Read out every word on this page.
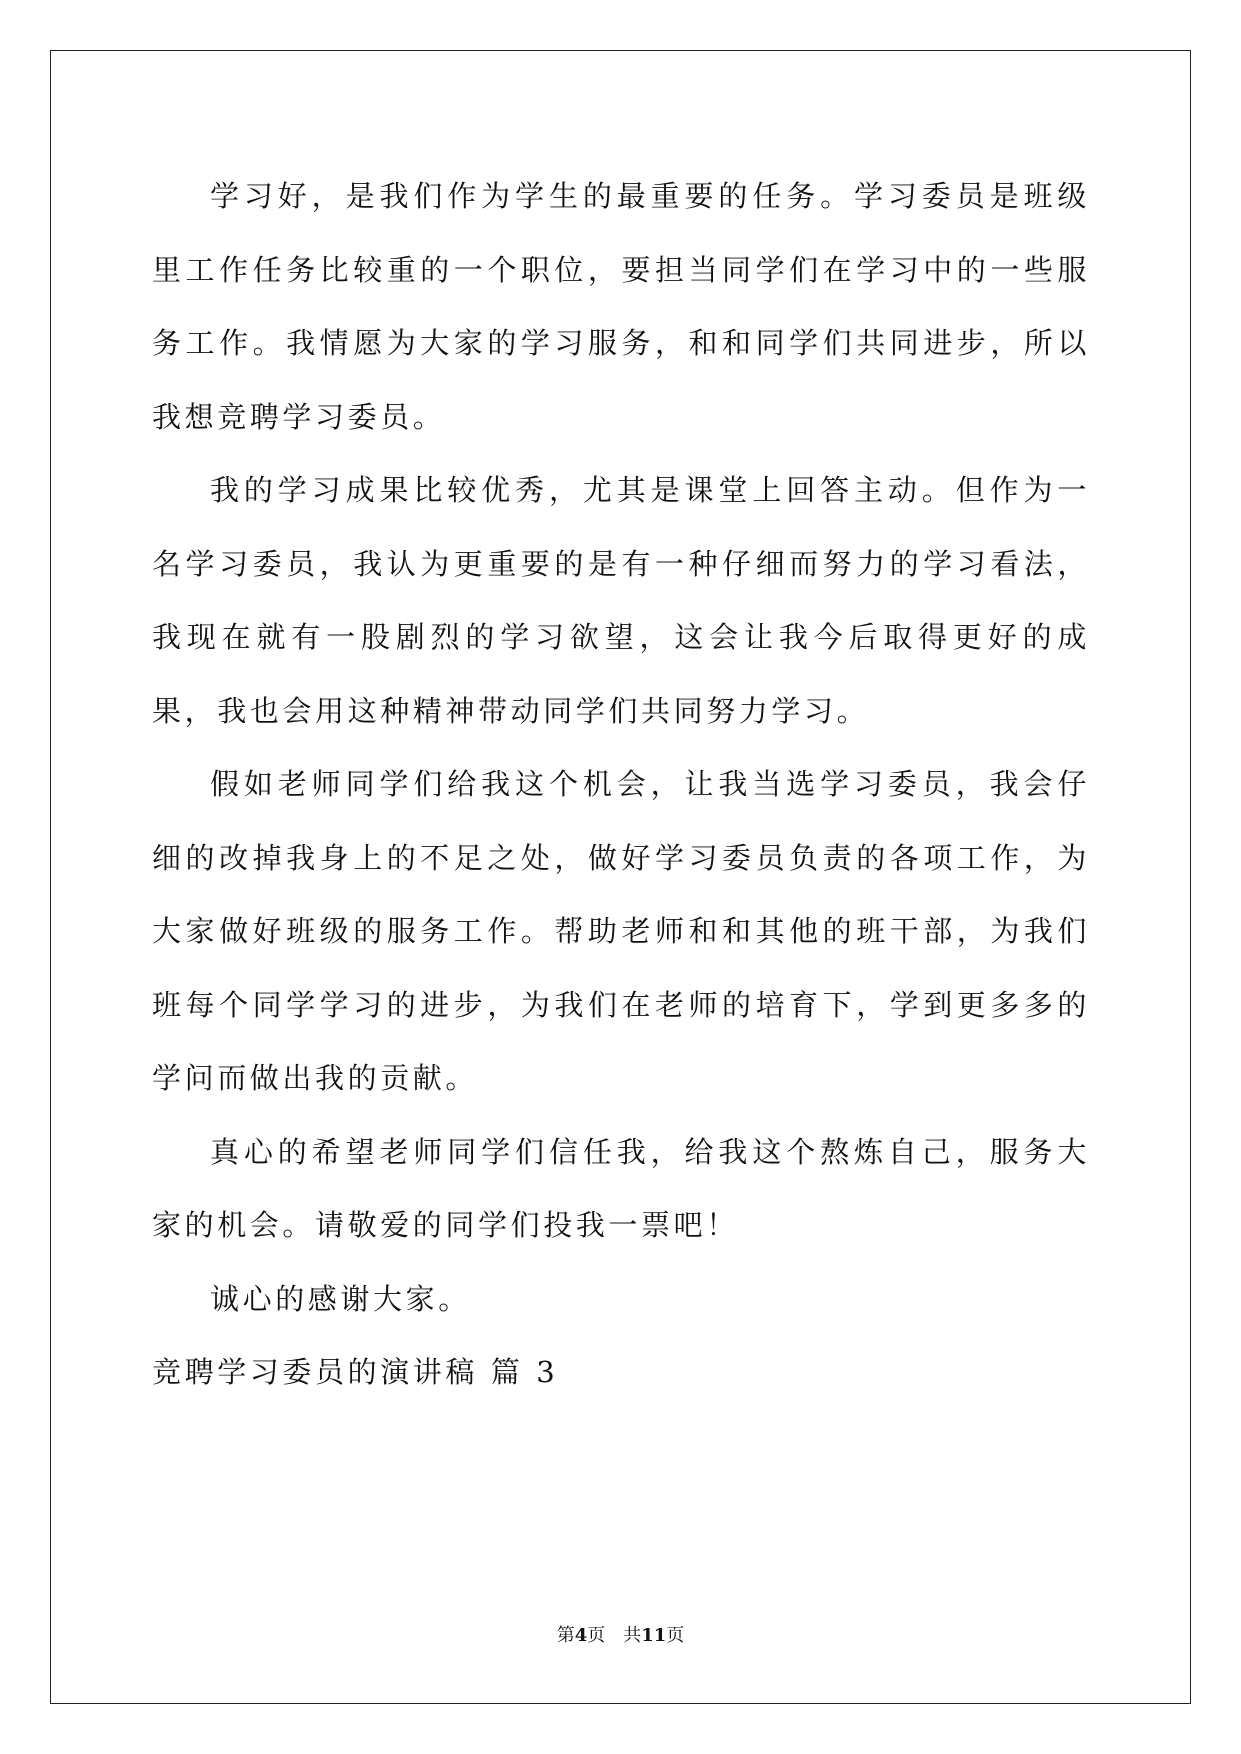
学习好，是我们作为学生的最重要的任务。学习委员是班级里工作任务比较重的一个职位，要担当同学们在学习中的一些服务工作。我情愿为大家的学习服务，和和同学们共同进步，所以我想竞聘学习委员。

我的学习成果比较优秀，尤其是课堂上回答主动。但作为一名学习委员，我认为更重要的是有一种仔细而努力的学习看法，我现在就有一股剧烈的学习欲望，这会让我今后取得更好的成果，我也会用这种精神带动同学们共同努力学习。

假如老师同学们给我这个机会，让我当选学习委员，我会仔细的改掉我身上的不足之处，做好学习委员负责的各项工作，为大家做好班级的服务工作。帮助老师和和其他的班干部，为我们班每个同学学习的进步，为我们在老师的培育下，学到更多多的学问而做出我的贡献。

真心的希望老师同学们信任我，给我这个熬炼自己，服务大家的机会。请敬爱的同学们投我一票吧！

诚心的感谢大家。

竞聘学习委员的演讲稿 篇 3

第4页 共11页
